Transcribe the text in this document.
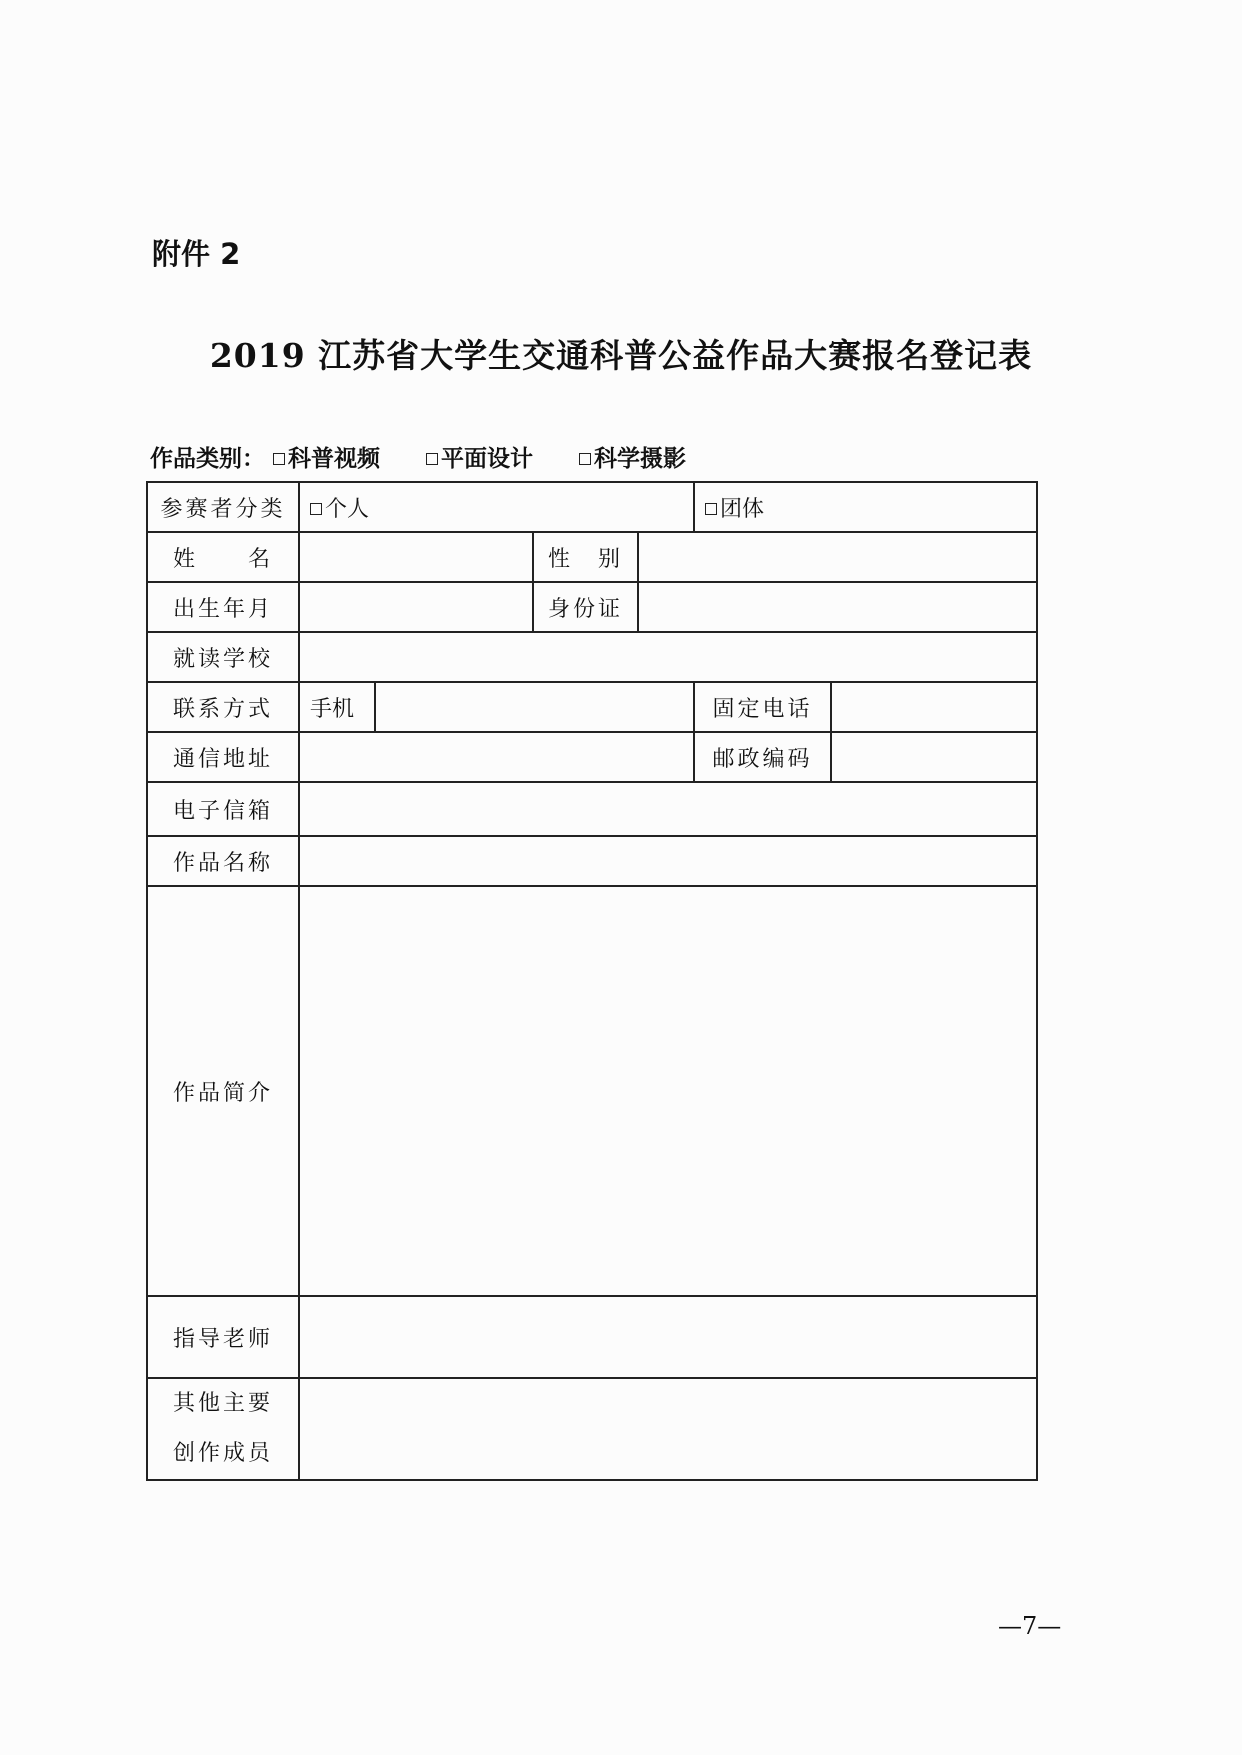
附件 2

2019 江苏省大学生交通科普公益作品大赛报名登记表
作品类别： 科普视频	平面设计	科学摄影
参赛者分类	个人				团体	
姓　　名			性　别			
出生年月			身份证			
就读学校						
联系方式	手机				固定电话	
通信地址					邮政编码	
电子信箱						
作品名称						
作品简介						
指导老师						

其他主要
创作成员						

—7—
